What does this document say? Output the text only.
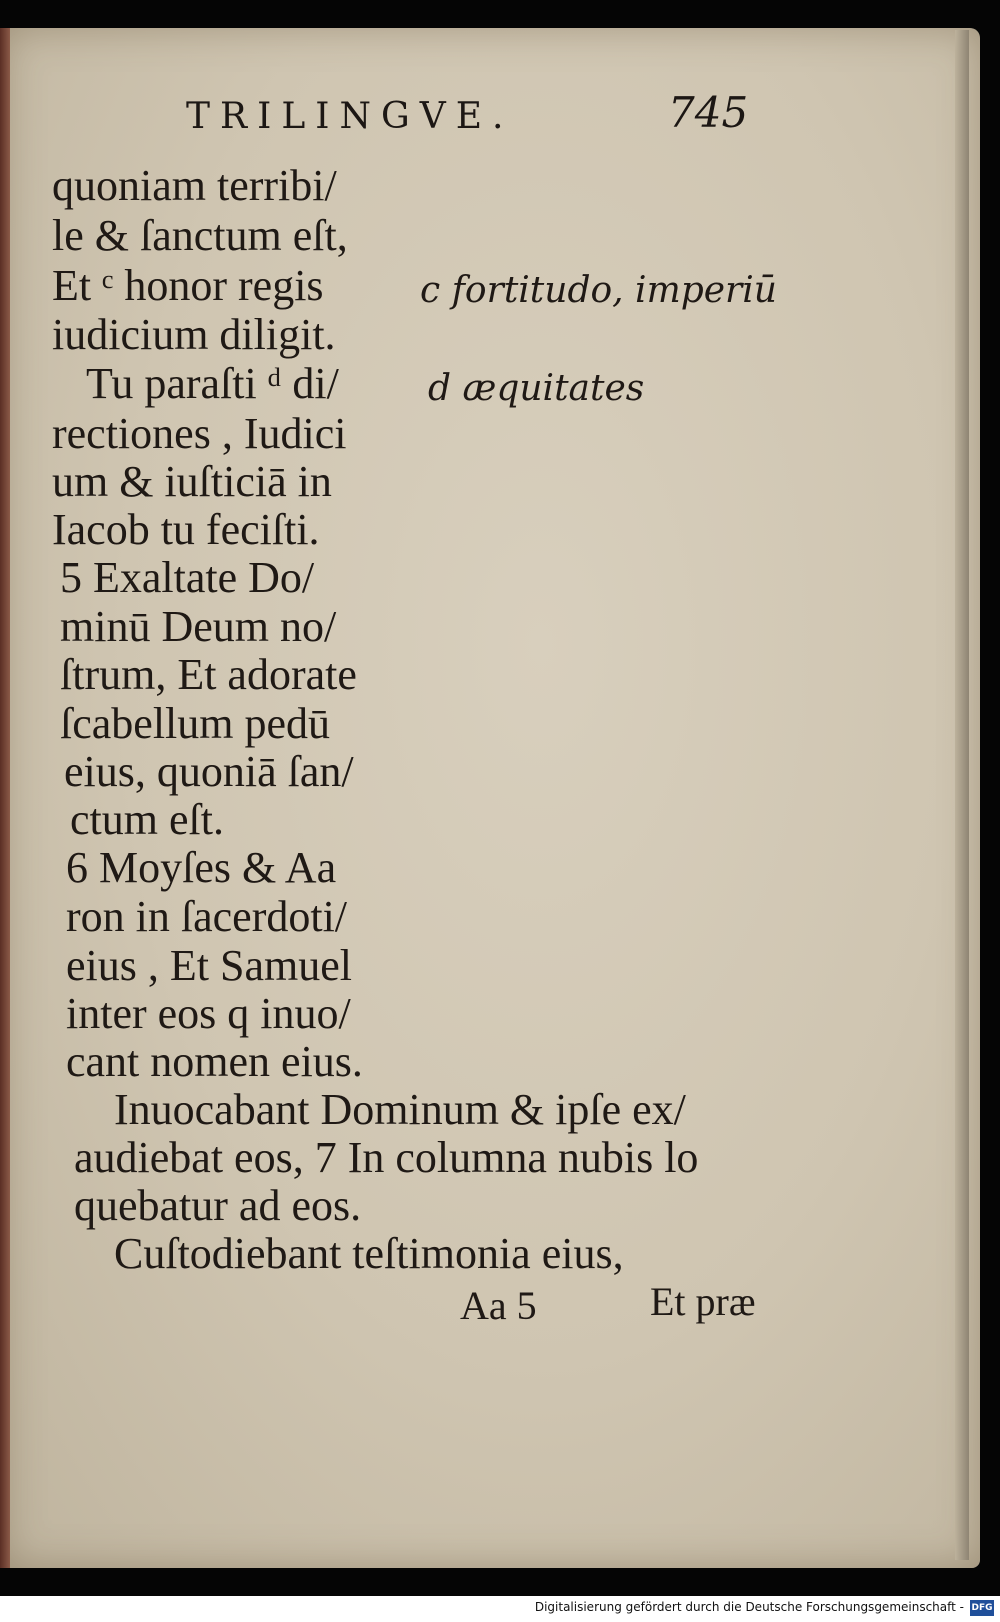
TRILINGVE.	745
quoniam terribi/
le & ſanctum eſt,
Et ᶜ honor regis
iudicium diligit.
Tu paraſti ᵈ di/
rectiones , Iudici
um & iuſticiā in
Iacob tu feciſti.
5 Exaltate Do/
minū Deum no/
ſtrum, Et adorate
ſcabellum pedū
eius, quoniā ſan/
ctum eſt.
6 Moyſes & Aa
ron in ſacerdoti/
eius , Et Samuel
inter eos q inuo/
cant nomen eius.
Inuocabant Dominum & ipſe ex/
audiebat eos, 7 In columna nubis lo
quebatur ad eos.
Cuſtodiebant teſtimonia eius,
c fortitudo, imperiū
d æquitates
Aa 5	Et præ
Digitalisierung gefördert durch die Deutsche Forschungsgemeinschaft - DFG
